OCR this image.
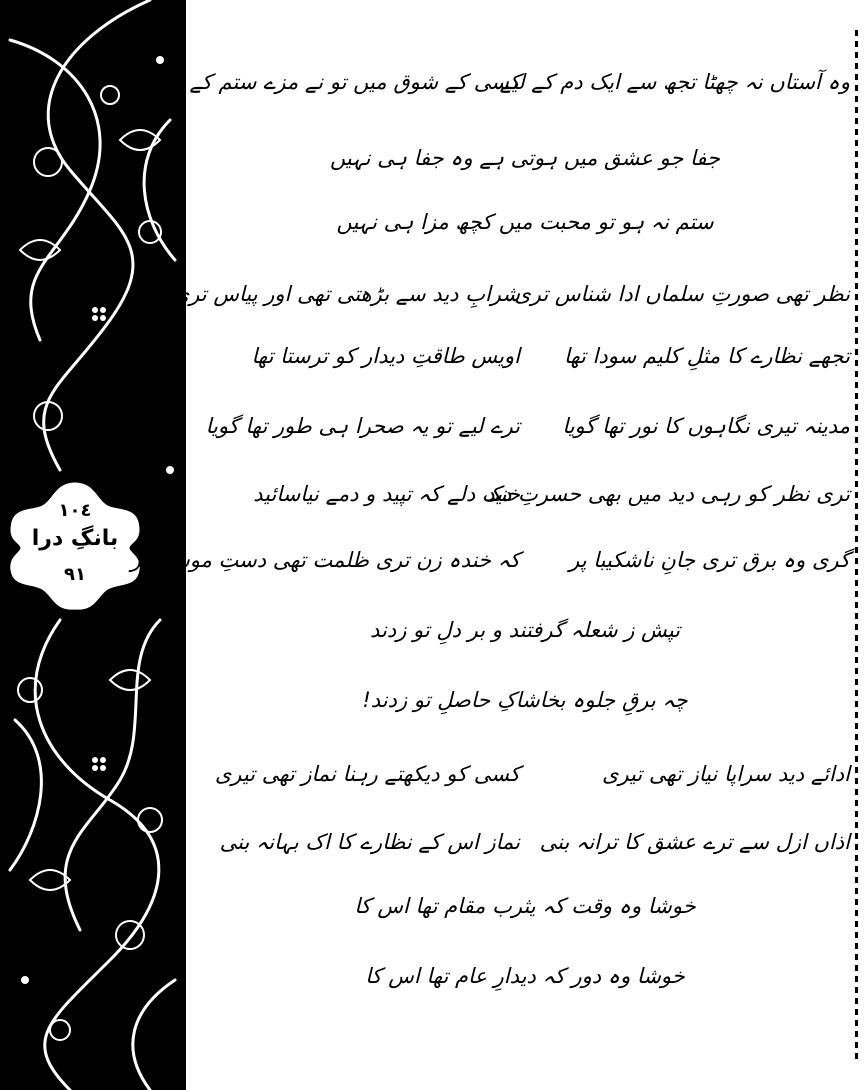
١٠٤
بانگِ درا
٩١
وہ آستاں نہ چھٹا تجھ سے ایک دم کے لیے
کسی کے شوق میں تو نے مزے ستم کے لیے
جفا جو عشق میں ہوتی ہے وہ جفا ہی نہیں
ستم نہ ہو تو محبت میں کچھ مزا ہی نہیں
نظر تھی صورتِ سلماں ادا شناس تری
شرابِ دید سے بڑھتی تھی اور پیاس تری
تجھے نظارے کا مثلِ کلیم سودا تھا
اویس طاقتِ دیدار کو ترستا تھا
مدینہ تیری نگاہوں کا نور تھا گویا
ترے لیے تو یہ صحرا ہی طور تھا گویا
تری نظر کو رہی دید میں بھی حسرتِ دید
خنک دلے کہ تپید و دمے نیاسائید
گری وہ برق تری جانِ ناشکیبا پر
کہ خندہ زن تری ظلمت تھی دستِ موسیٰ پر
تپش ز شعلہ گرفتند و بر دلِ تو زدند
چہ برقِ جلوہ بخاشاکِ حاصلِ تو زدند!
ادائے دید سراپا نیاز تھی تیری
کسی کو دیکھتے رہنا نماز تھی تیری
اذاں ازل سے ترے عشق کا ترانہ بنی
نماز اس کے نظارے کا اک بہانہ بنی
خوشا وہ وقت کہ یثرب مقام تھا اس کا
خوشا وہ دور کہ دیدارِ عام تھا اس کا
